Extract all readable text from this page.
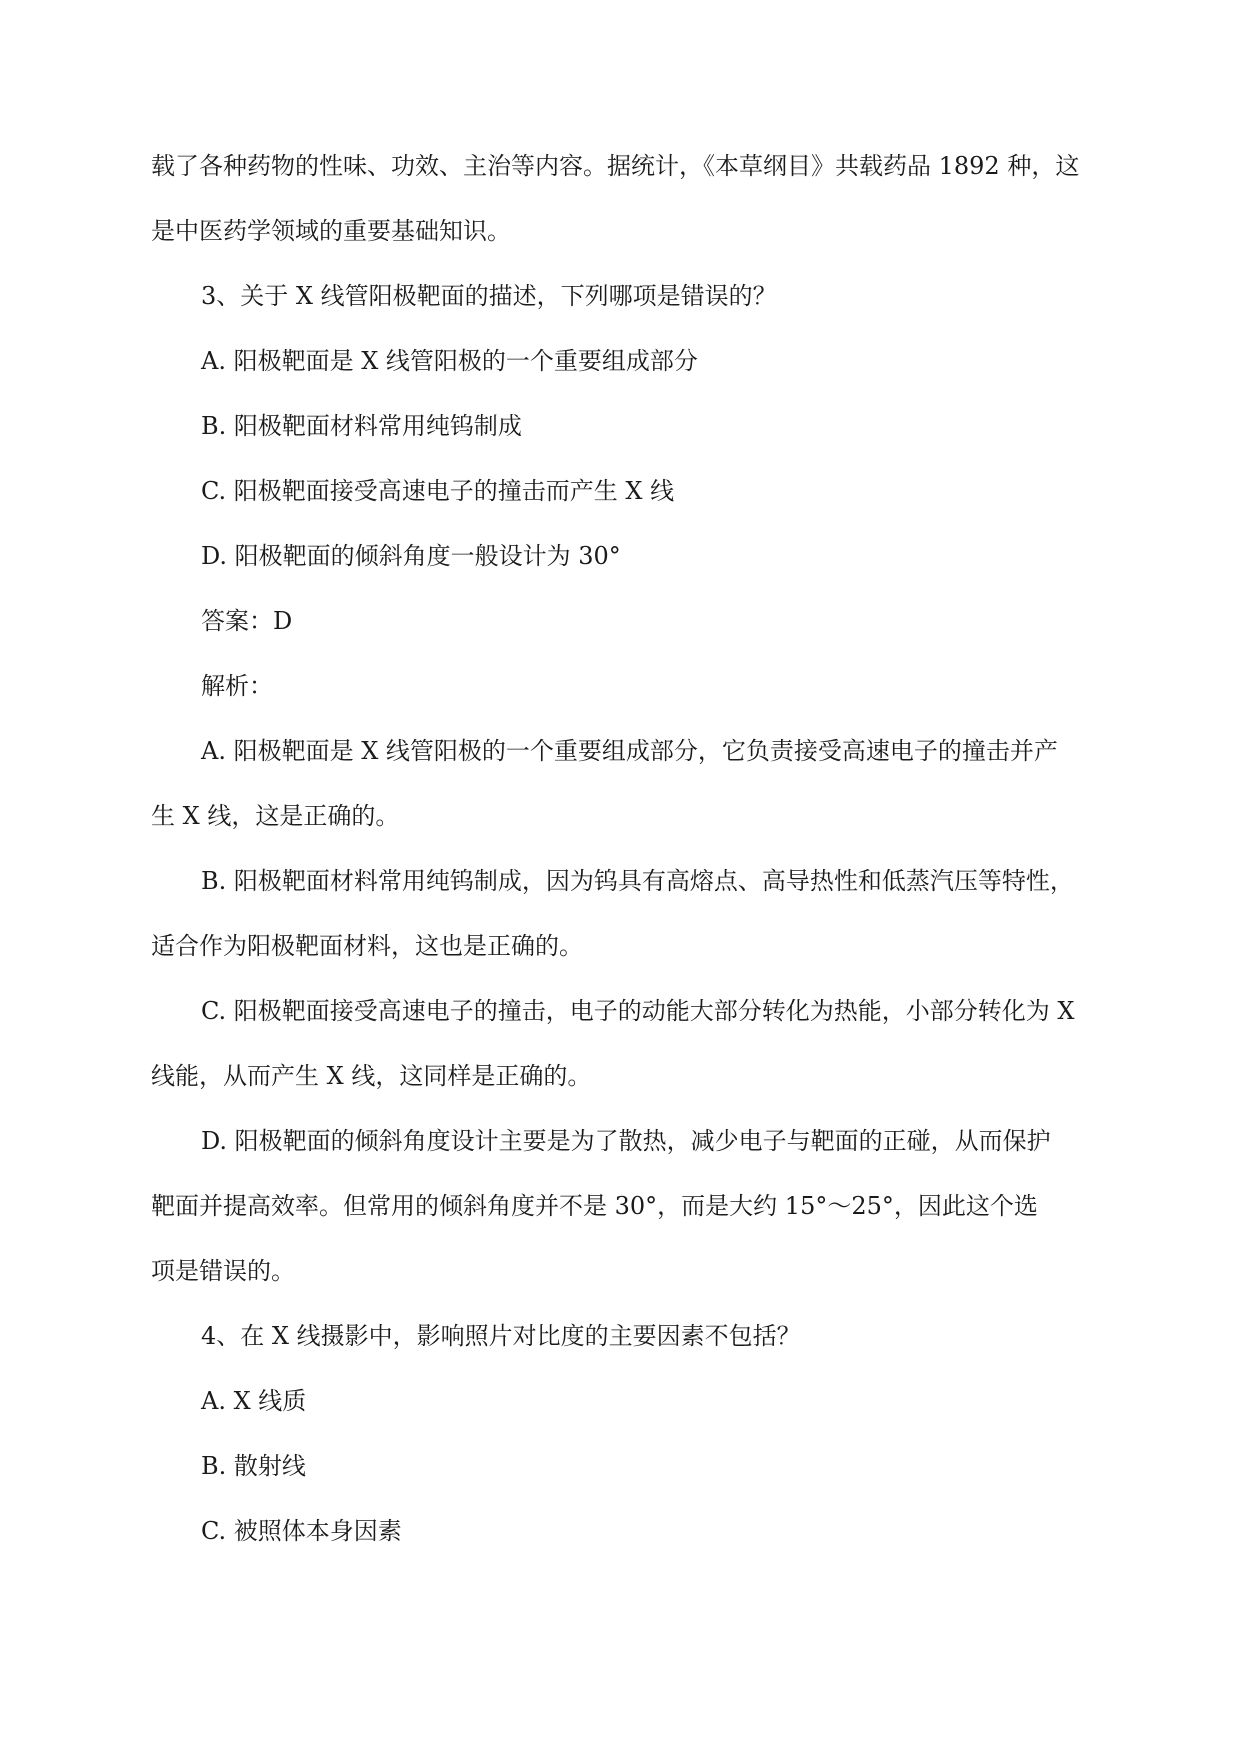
载了各种药物的性味、功效、主治等内容。据统计，《本草纲目》共载药品 1892 种，这
是中医药学领域的重要基础知识。
3、关于 X 线管阳极靶面的描述，下列哪项是错误的？
A. 阳极靶面是 X 线管阳极的一个重要组成部分
B. 阳极靶面材料常用纯钨制成
C. 阳极靶面接受高速电子的撞击而产生 X 线
D. 阳极靶面的倾斜角度一般设计为 30°
答案：D
解析：
A. 阳极靶面是 X 线管阳极的一个重要组成部分，它负责接受高速电子的撞击并产
生 X 线，这是正确的。
B. 阳极靶面材料常用纯钨制成，因为钨具有高熔点、高导热性和低蒸汽压等特性，
适合作为阳极靶面材料，这也是正确的。
C. 阳极靶面接受高速电子的撞击，电子的动能大部分转化为热能，小部分转化为 X
线能，从而产生 X 线，这同样是正确的。
D. 阳极靶面的倾斜角度设计主要是为了散热，减少电子与靶面的正碰，从而保护
靶面并提高效率。但常用的倾斜角度并不是 30°，而是大约 15°～25°，因此这个选
项是错误的。
4、在 X 线摄影中，影响照片对比度的主要因素不包括？
A. X 线质
B. 散射线
C. 被照体本身因素
